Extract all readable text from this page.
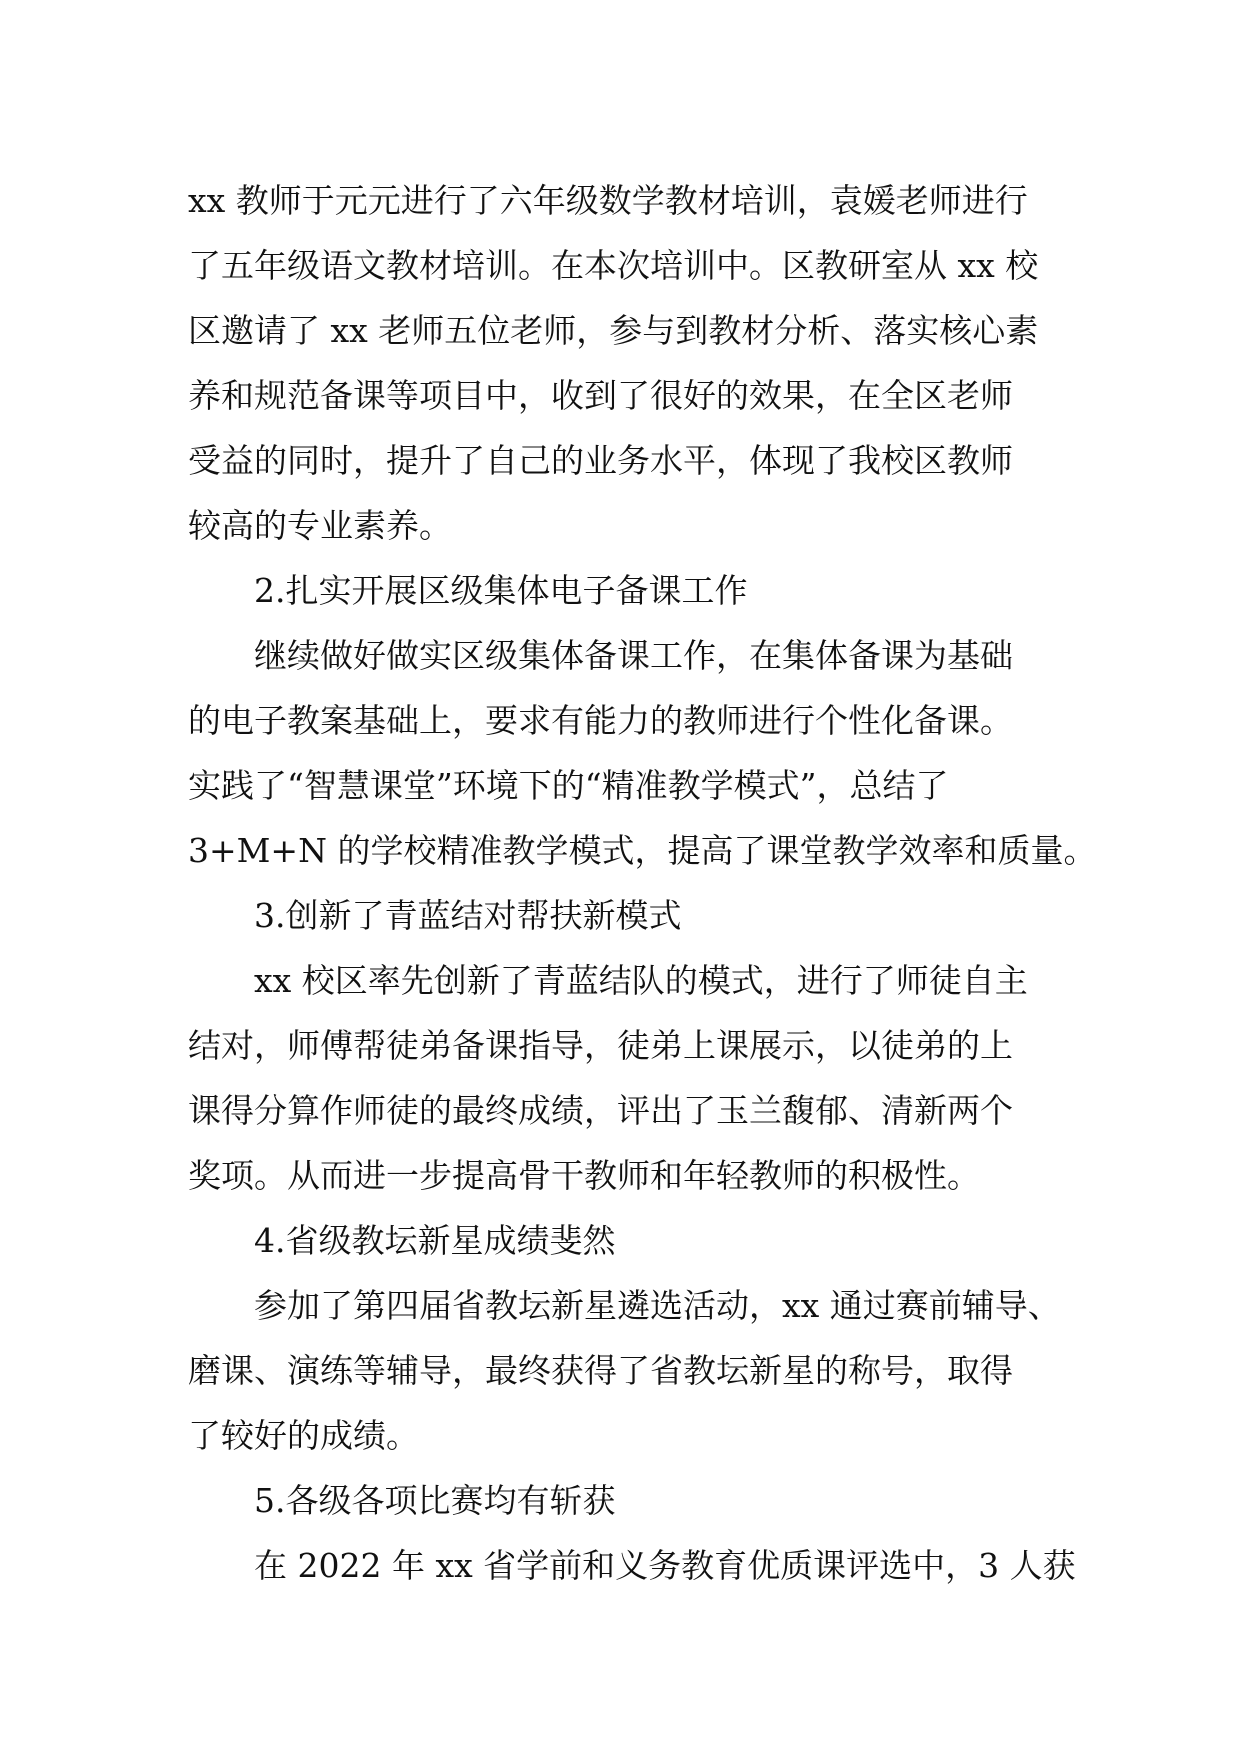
xx 教师于元元进行了六年级数学教材培训，袁媛老师进行
了五年级语文教材培训。在本次培训中。区教研室从 xx 校
区邀请了 xx 老师五位老师，参与到教材分析、落实核心素
养和规范备课等项目中，收到了很好的效果，在全区老师
受益的同时，提升了自己的业务水平，体现了我校区教师
较高的专业素养。
2.扎实开展区级集体电子备课工作
继续做好做实区级集体备课工作，在集体备课为基础
的电子教案基础上，要求有能力的教师进行个性化备课。
实践了“智慧课堂”环境下的“精准教学模式”，总结了
3+M+N 的学校精准教学模式，提高了课堂教学效率和质量。
3.创新了青蓝结对帮扶新模式
xx 校区率先创新了青蓝结队的模式，进行了师徒自主
结对，师傅帮徒弟备课指导，徒弟上课展示，以徒弟的上
课得分算作师徒的最终成绩，评出了玉兰馥郁、清新两个
奖项。从而进一步提高骨干教师和年轻教师的积极性。
4.省级教坛新星成绩斐然
参加了第四届省教坛新星遴选活动，xx 通过赛前辅导、
磨课、演练等辅导，最终获得了省教坛新星的称号，取得
了较好的成绩。
5.各级各项比赛均有斩获
在 2022 年 xx 省学前和义务教育优质课评选中，3 人获
